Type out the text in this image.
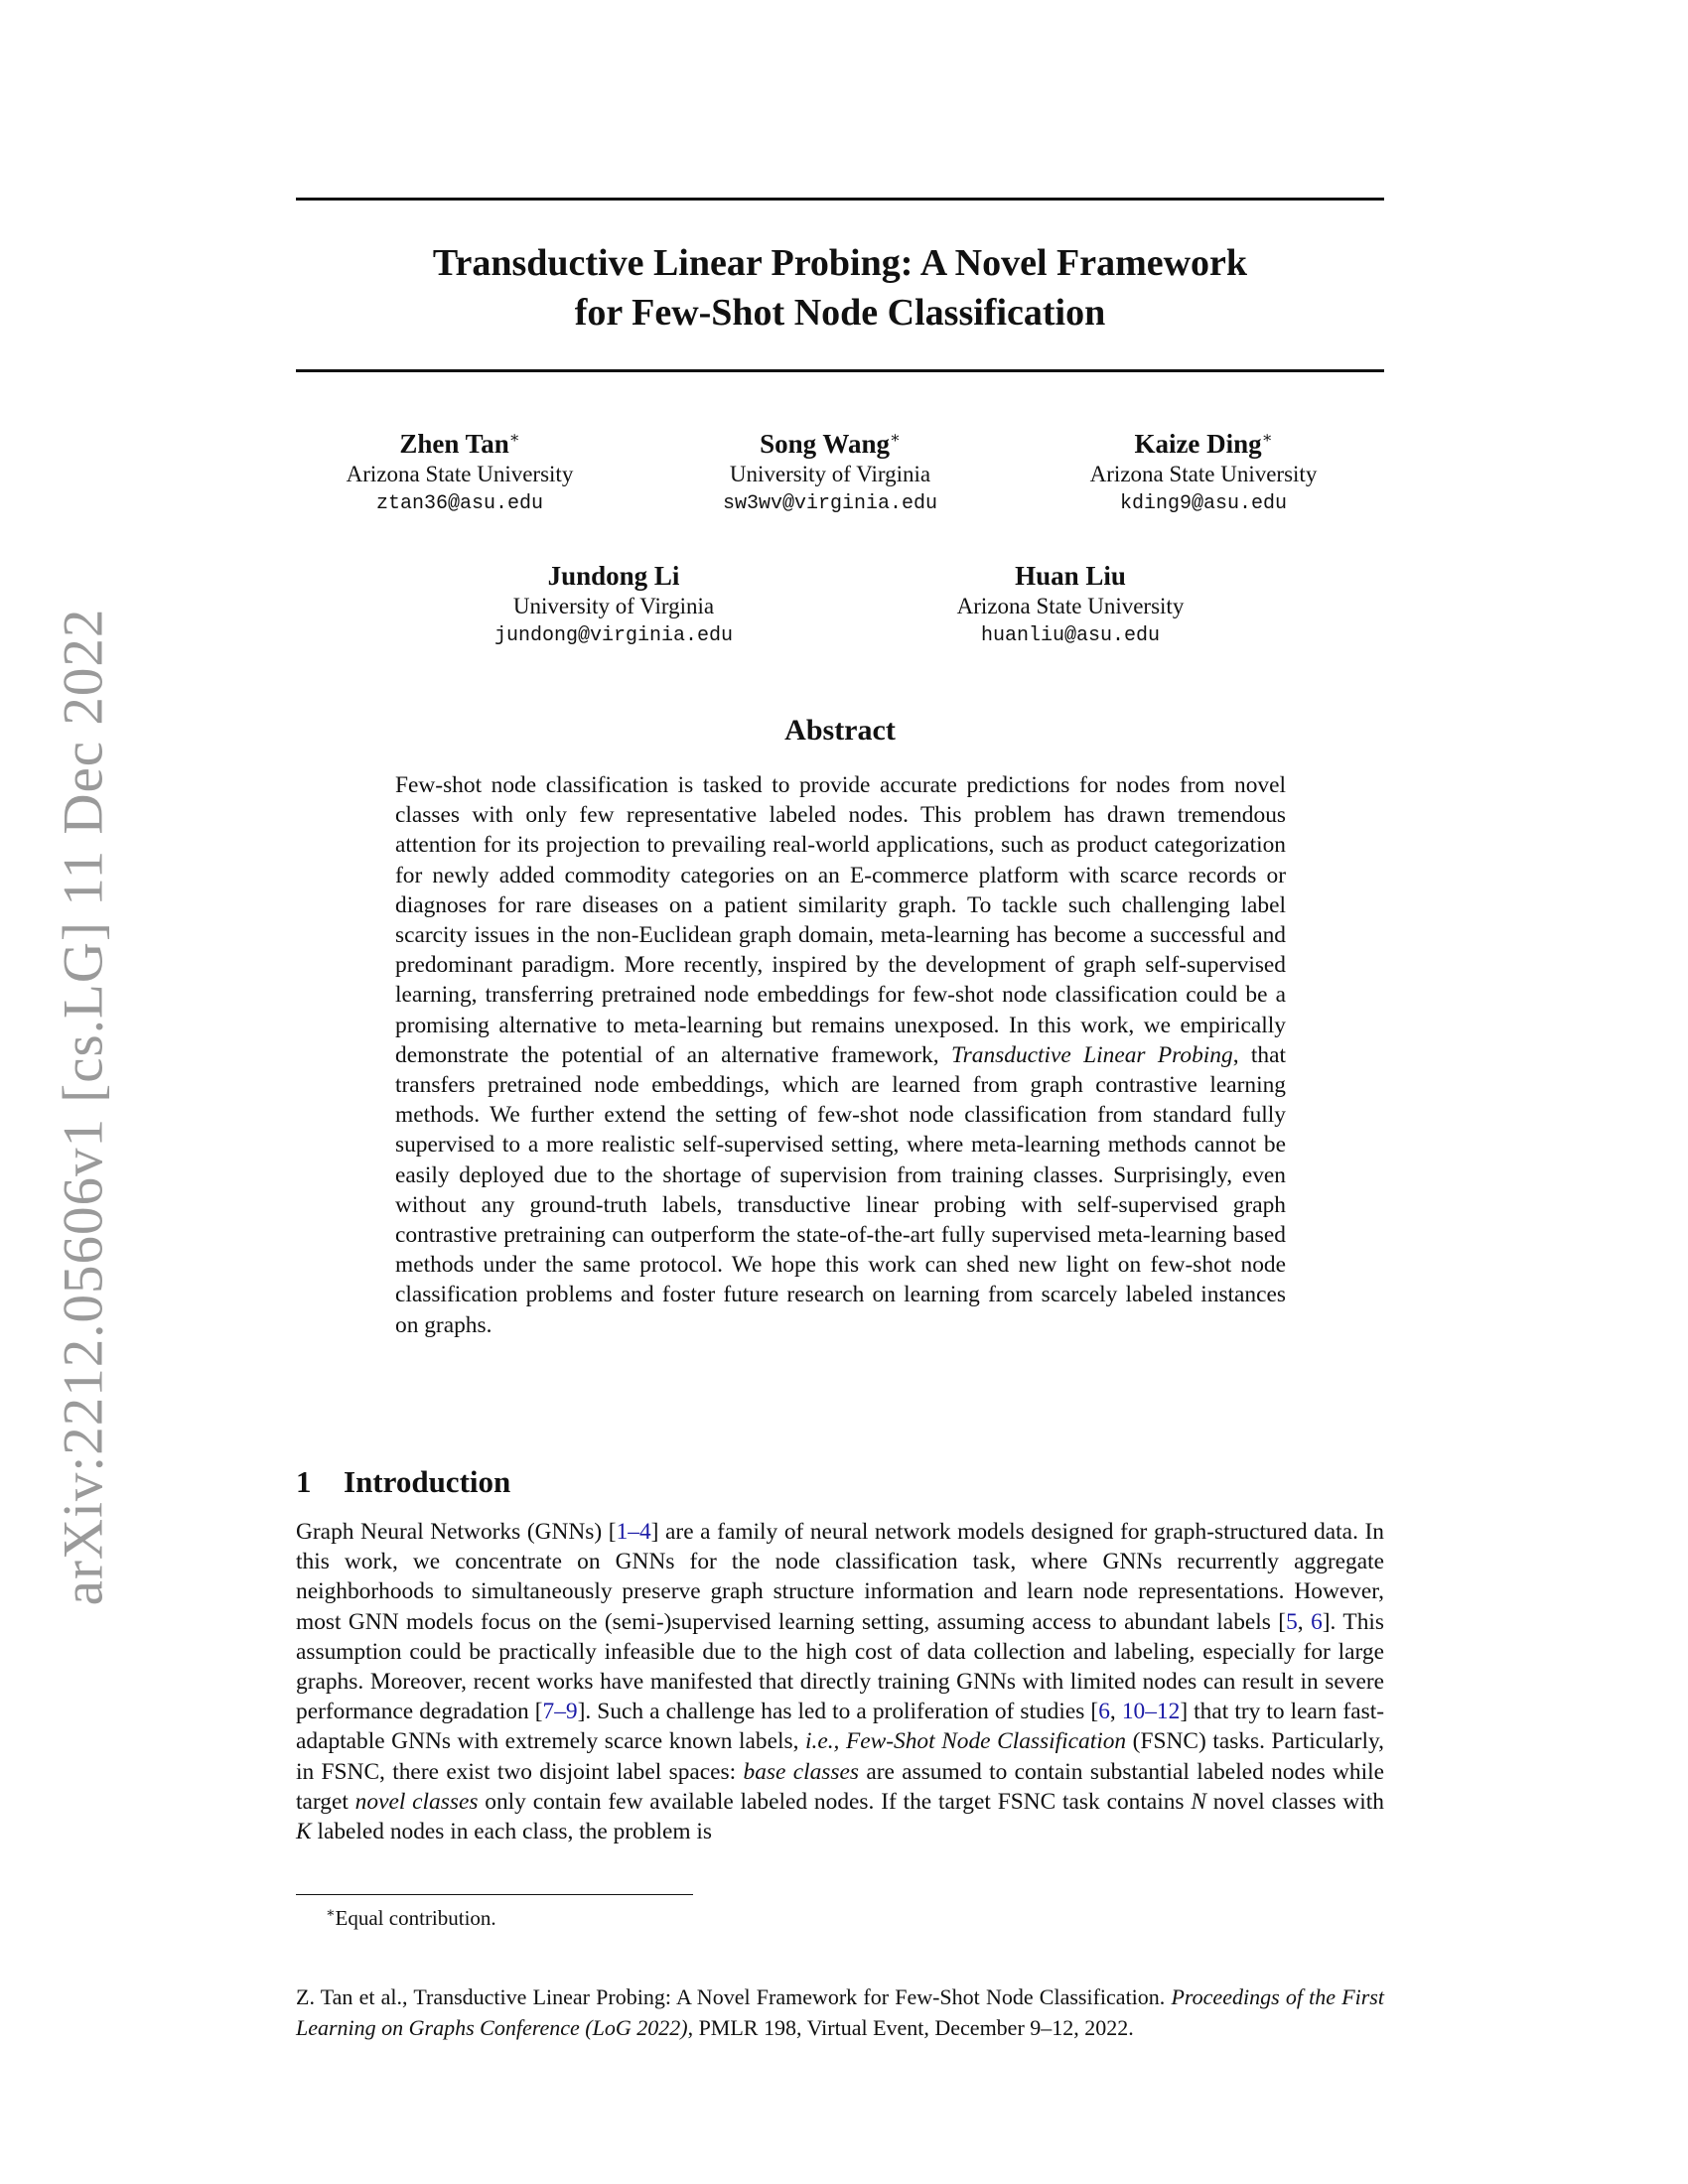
arXiv:2212.05606v1 [cs.LG] 11 Dec 2022
Transductive Linear Probing: A Novel Framework
for Few-Shot Node Classification
Zhen Tan∗
Arizona State University
ztan36@asu.edu
Song Wang∗
University of Virginia
sw3wv@virginia.edu
Kaize Ding∗
Arizona State University
kding9@asu.edu
Jundong Li
University of Virginia
jundong@virginia.edu
Huan Liu
Arizona State University
huanliu@asu.edu
Abstract
Few-shot node classification is tasked to provide accurate predictions for nodes from novel classes with only few representative labeled nodes. This problem has drawn tremendous attention for its projection to prevailing real-world applications, such as product categorization for newly added commodity categories on an E-commerce platform with scarce records or diagnoses for rare diseases on a patient similarity graph. To tackle such challenging label scarcity issues in the non-Euclidean graph domain, meta-learning has become a successful and predominant paradigm. More recently, inspired by the development of graph self-supervised learning, transferring pretrained node embeddings for few-shot node classification could be a promising alternative to meta-learning but remains unexposed. In this work, we empirically demonstrate the potential of an alternative framework, Transductive Linear Probing, that transfers pretrained node embeddings, which are learned from graph contrastive learning methods. We further extend the setting of few-shot node classification from standard fully supervised to a more realistic self-supervised setting, where meta-learning methods cannot be easily deployed due to the shortage of supervision from training classes. Surprisingly, even without any ground-truth labels, transductive linear probing with self-supervised graph contrastive pretraining can outperform the state-of-the-art fully supervised meta-learning based methods under the same protocol. We hope this work can shed new light on few-shot node classification problems and foster future research on learning from scarcely labeled instances on graphs.
1 Introduction
Graph Neural Networks (GNNs) [1–4] are a family of neural network models designed for graph-structured data. In this work, we concentrate on GNNs for the node classification task, where GNNs recurrently aggregate neighborhoods to simultaneously preserve graph structure information and learn node representations. However, most GNN models focus on the (semi-)supervised learning setting, assuming access to abundant labels [5, 6]. This assumption could be practically infeasible due to the high cost of data collection and labeling, especially for large graphs. Moreover, recent works have manifested that directly training GNNs with limited nodes can result in severe performance degradation [7–9]. Such a challenge has led to a proliferation of studies [6, 10–12] that try to learn fast-adaptable GNNs with extremely scarce known labels, i.e., Few-Shot Node Classification (FSNC) tasks. Particularly, in FSNC, there exist two disjoint label spaces: base classes are assumed to contain substantial labeled nodes while target novel classes only contain few available labeled nodes. If the target FSNC task contains N novel classes with K labeled nodes in each class, the problem is
∗Equal contribution.
Z. Tan et al., Transductive Linear Probing: A Novel Framework for Few-Shot Node Classification. Proceedings of the First Learning on Graphs Conference (LoG 2022), PMLR 198, Virtual Event, December 9–12, 2022.
